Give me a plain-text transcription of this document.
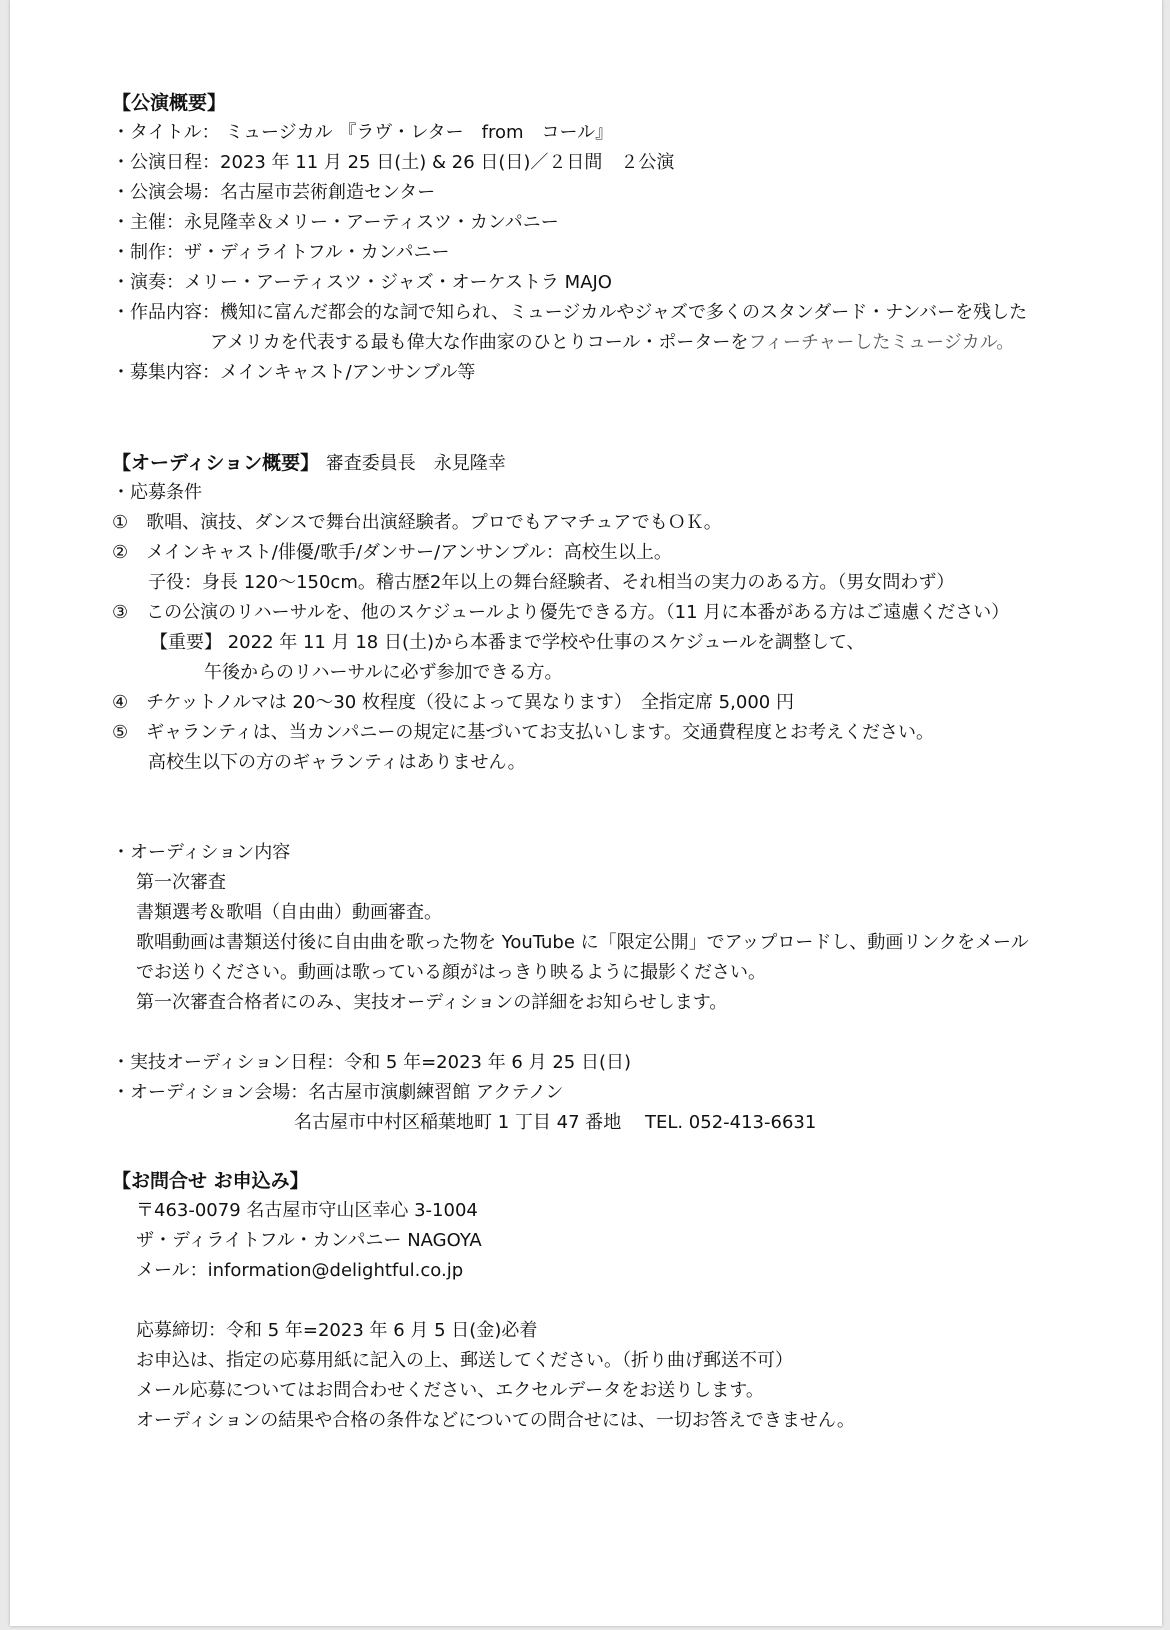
【公演概要】
・タイトル： ミュージカル 『ラヴ・レター　from　コール』
・公演日程：2023 年 11 月 25 日(土) & 26 日(日)／２日間　２公演
・公演会場：名古屋市芸術創造センター
・主催：永見隆幸＆メリー・アーティスツ・カンパニー
・制作：ザ・ディライトフル・カンパニー
・演奏：メリー・アーティスツ・ジャズ・オーケストラ MAJO
・作品内容：機知に富んだ都会的な詞で知られ、ミュージカルやジャズで多くのスタンダード・ナンバーを残した
アメリカを代表する最も偉大な作曲家のひとりコール・ポーターをフィーチャーしたミュージカル。
・募集内容：メインキャスト/アンサンブル等
【オーディション概要】 審査委員長　永見隆幸
・応募条件
①　歌唱、演技、ダンスで舞台出演経験者。プロでもアマチュアでもＯＫ。
②　メインキャスト/俳優/歌手/ダンサー/アンサンブル：高校生以上。
子役：身長 120～150cm。稽古歴2年以上の舞台経験者、それ相当の実力のある方。（男女問わず）
③　この公演のリハーサルを、他のスケジュールより優先できる方。（11 月に本番がある方はご遠慮ください）
【重要】 2022 年 11 月 18 日(土)から本番まで学校や仕事のスケジュールを調整して、
午後からのリハーサルに必ず参加できる方。
④　チケットノルマは 20～30 枚程度（役によって異なります）　全指定席 5,000 円
⑤　ギャランティは、当カンパニーの規定に基づいてお支払いします。交通費程度とお考えください。
高校生以下の方のギャランティはありません。
・オーディション内容
第一次審査
書類選考＆歌唱（自由曲）動画審査。
歌唱動画は書類送付後に自由曲を歌った物を YouTube に「限定公開」でアップロードし、動画リンクをメール
でお送りください。動画は歌っている顔がはっきり映るように撮影ください。
第一次審査合格者にのみ、実技オーディションの詳細をお知らせします。
・実技オーディション日程：令和 5 年=2023 年 6 月 25 日(日)
・オーディション会場：名古屋市演劇練習館 アクテノン
名古屋市中村区稲葉地町 1 丁目 47 番地　 TEL. 052-413-6631
【お問合せ お申込み】
〒463-0079 名古屋市守山区幸心 3-1004
ザ・ディライトフル・カンパニー NAGOYA
メール：information@delightful.co.jp
応募締切：令和 5 年=2023 年 6 月 5 日(金)必着
お申込は、指定の応募用紙に記入の上、郵送してください。（折り曲げ郵送不可）
メール応募についてはお問合わせください、エクセルデータをお送りします。
オーディションの結果や合格の条件などについての問合せには、一切お答えできません。
